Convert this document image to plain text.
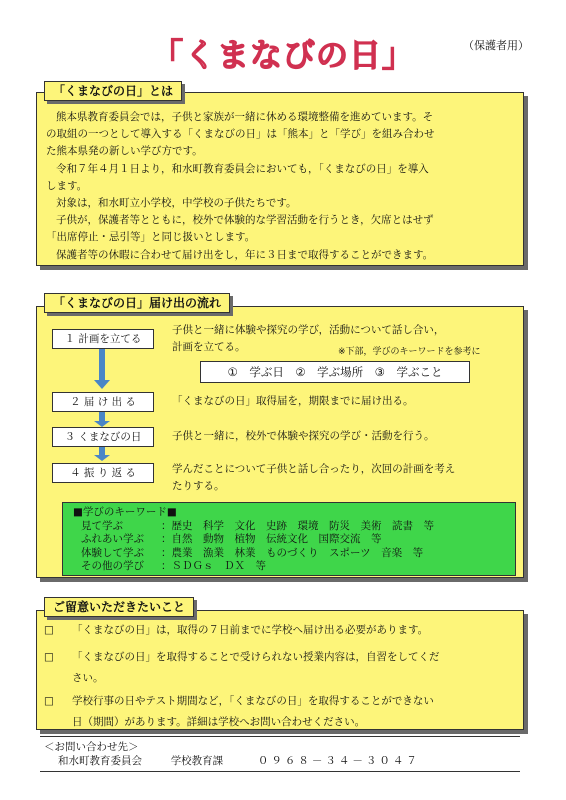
「くまなびの日」	（保護者用）
「くまなびの日」とは
熊本県教育委員会では，子供と家族が一緒に休める環境整備を進めています。そ
の取組の一つとして導入する「くまなびの日」は「熊本」と「学び」を組み合わせ
た熊本県発の新しい学び方です。
令和７年４月１日より，和水町教育委員会においても，「くまなびの日」を導入
します。
対象は，和水町立小学校，中学校の子供たちです。
子供が，保護者等とともに，校外で体験的な学習活動を行うとき，欠席とはせず
「出席停止・忌引等」と同じ扱いとします。
保護者等の休暇に合わせて届け出をし，年に３日まで取得することができます。
「くまなびの日」届け出の流れ
１ 計画を立てる
子供と一緒に体験や探究の学び，活動について話し合い，
計画を立てる。	※下部，学びのキーワードを参考に
①　学ぶ日　②　学ぶ場所　③　学ぶこと
２ 届 け 出 る	「くまなびの日」取得届を，期限までに届け出る。
３ くまなびの日	子供と一緒に，校外で体験や探究の学び・活動を行う。
４ 振 り 返 る	学んだことについて子供と話し合ったり，次回の計画を考え
たりする。
■学びのキーワード■
見て学ぶ	：歴史　科学　文化　史跡　環境　防災　美術　読書　等
ふれあい学ぶ	：自然　動物　植物　伝統文化　国際交流　等
体験して学ぶ	：農業　漁業　林業　ものづくり　スポーツ　音楽　等
その他の学び	：ＳＤＧｓ　ＤＸ　等
ご留意いただきたいこと
□	「くまなびの日」は，取得の７日前までに学校へ届け出る必要があります。
□	「くまなびの日」を取得することで受けられない授業内容は，自習をしてくだ
さい。
□	学校行事の日やテスト期間など，「くまなびの日」を取得することができない
日（期間）があります。詳細は学校へお問い合わせください。
＜お問い合わせ先＞
和水町教育委員会	学校教育課	０９６８－３４－３０４７
